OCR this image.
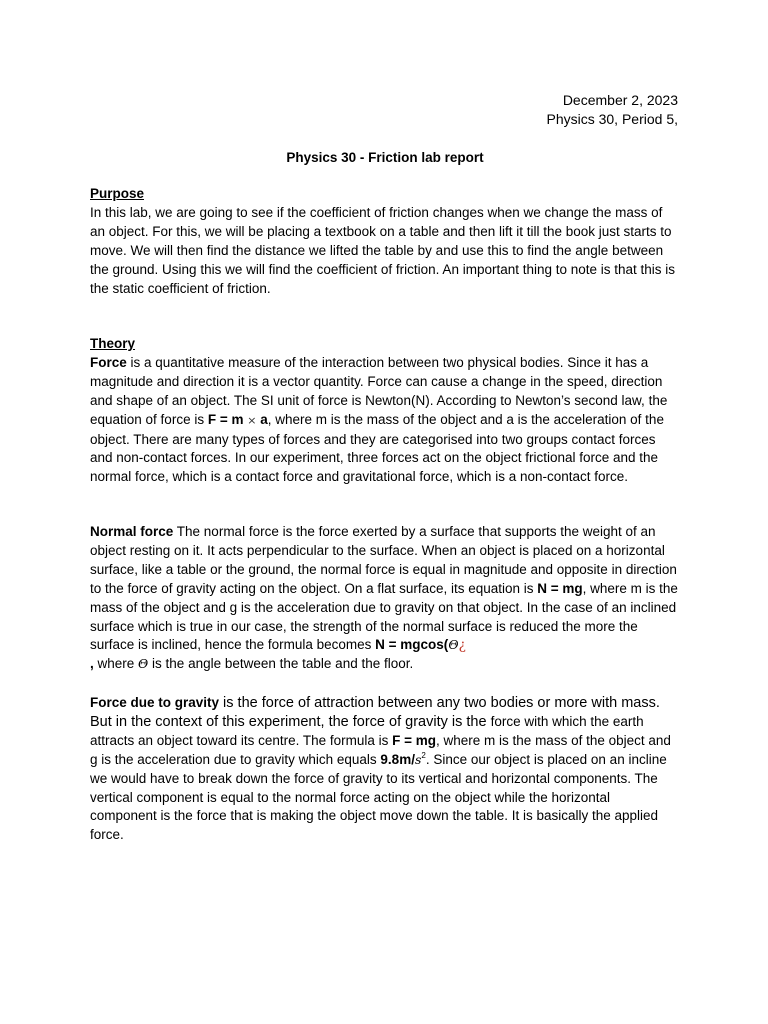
December 2, 2023
Physics 30, Period 5,
Physics 30 - Friction lab report

Purpose

In this lab, we are going to see if the coefficient of friction changes when we change the mass of an object. For this, we will be placing a textbook on a table and then lift it till the book just starts to move. We will then find the distance we lifted the table by and use this to find the angle between the ground. Using this we will find the coefficient of friction. An important thing to note is that this is the static coefficient of friction.

Theory

Force is a quantitative measure of the interaction between two physical bodies. Since it has a magnitude and direction it is a vector quantity. Force can cause a change in the speed, direction and shape of an object. The SI unit of force is Newton(N). According to Newton’s second law, the equation of force is F = m × a, where m is the mass of the object and a is the acceleration of the object. There are many types of forces and they are categorised into two groups contact forces and non-contact forces. In our experiment, three forces act on the object frictional force and the normal force, which is a contact force and gravitational force, which is a non-contact force.

Normal force The normal force is the force exerted by a surface that supports the weight of an object resting on it. It acts perpendicular to the surface. When an object is placed on a horizontal surface, like a table or the ground, the normal force is equal in magnitude and opposite in direction to the force of gravity acting on the object. On a flat surface, its equation is N = mg, where m is the mass of the object and g is the acceleration due to gravity on that object. In the case of an inclined surface which is true in our case, the strength of the normal surface is reduced the more the surface is inclined, hence the formula becomes N = mgcos(Θ¿
, where Θ is the angle between the table and the floor.

Force due to gravity is the force of attraction between any two bodies or more with mass. But in the context of this experiment, the force of gravity is the force with which the earth attracts an object toward its centre. The formula is F = mg, where m is the mass of the object and g is the acceleration due to gravity which equals $9.8m/s^2$. Since our object is placed on an incline we would have to break down the force of gravity to its vertical and horizontal components. The vertical component is equal to the normal force acting on the object while the horizontal component is the force that is making the object move down the table. It is basically the applied force.
